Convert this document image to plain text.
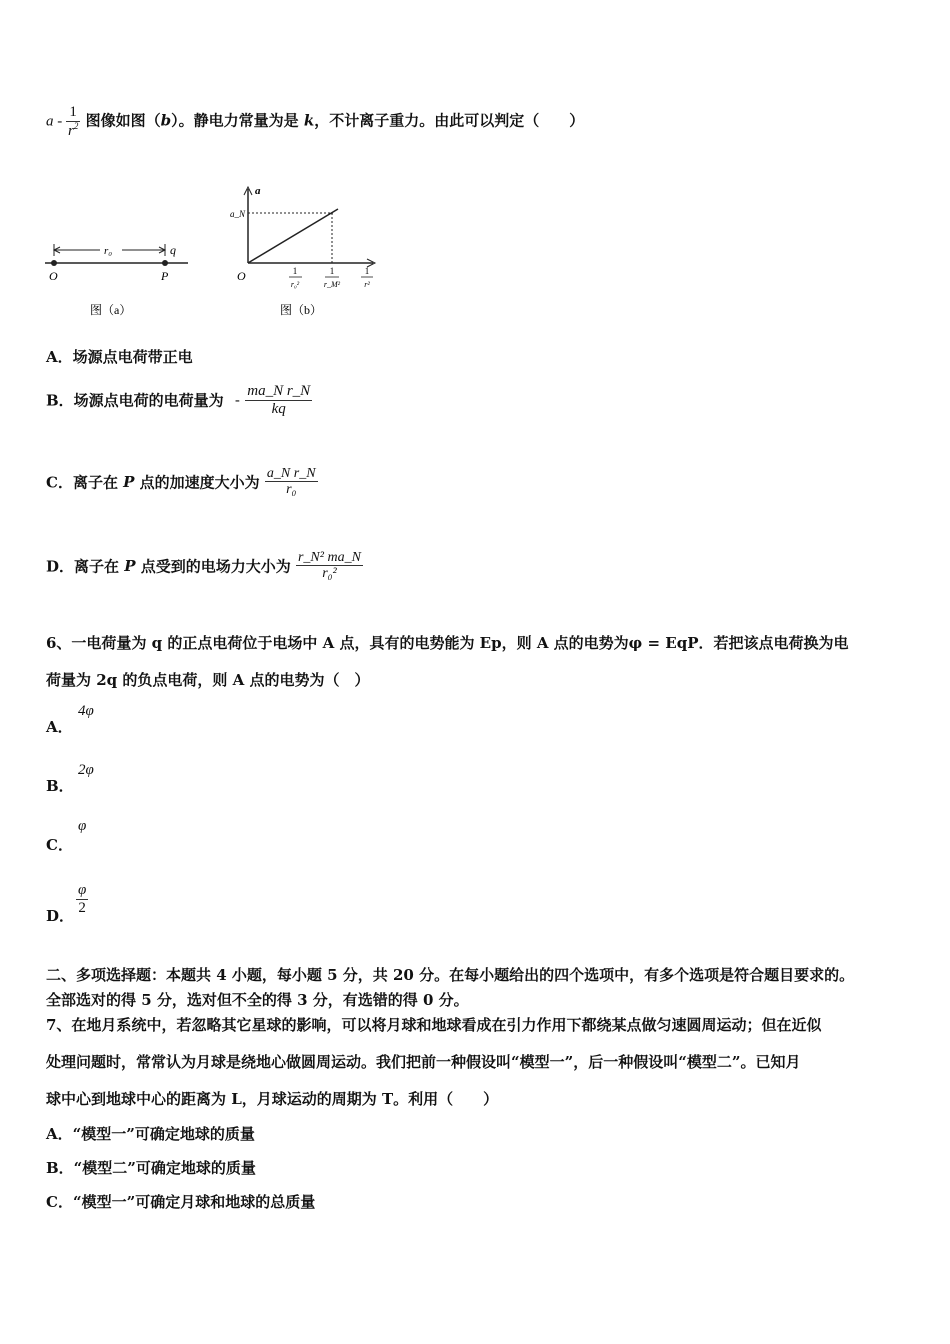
a - $\frac{1}{r^2}$ 图像如图（b）。静电力常量为是 k，不计离子重力。由此可以判定（　　）
r₀	q
O	P
图（a）
a
a_N
O	1
r₀²
1
r_M²
1
r²
图（b）
A．场源点电荷带正电
B．场源点电荷的电荷量为 - $\frac{\text{ma\_N r\_N}}{kq}$
C．离子在 P 点的加速度大小为 $\frac{\text{a\_N r\_N}}{\text{r₀}}$
D．离子在 P 点受到的电场力大小为 $\frac{\text{r\_N² ma\_N}}{\text{r₀²}}$
6、一电荷量为 q 的正点电荷位于电场中 A 点，具有的电势能为 Ep，则 A 点的电势为φ = EqP．若把该点电荷换为电
荷量为 2q 的负点电荷，则 A 点的电势为（　）
A．
4φ
B．
2φ
C．
φ
D． $\frac{\varphi}{2}$
二、多项选择题：本题共 4 小题，每小题 5 分，共 20 分。在每小题给出的四个选项中，有多个选项是符合题目要求的。
全部选对的得 5 分，选对但不全的得 3 分，有选错的得 0 分。
7、在地月系统中，若忽略其它星球的影响，可以将月球和地球看成在引力作用下都绕某点做匀速圆周运动；但在近似
处理问题时，常常认为月球是绕地心做圆周运动。我们把前一种假设叫“模型一”，后一种假设叫“模型二”。已知月
球中心到地球中心的距离为 L，月球运动的周期为 T。利用（　　）
A．“模型一”可确定地球的质量
B．“模型二”可确定地球的质量
C．“模型一”可确定月球和地球的总质量
